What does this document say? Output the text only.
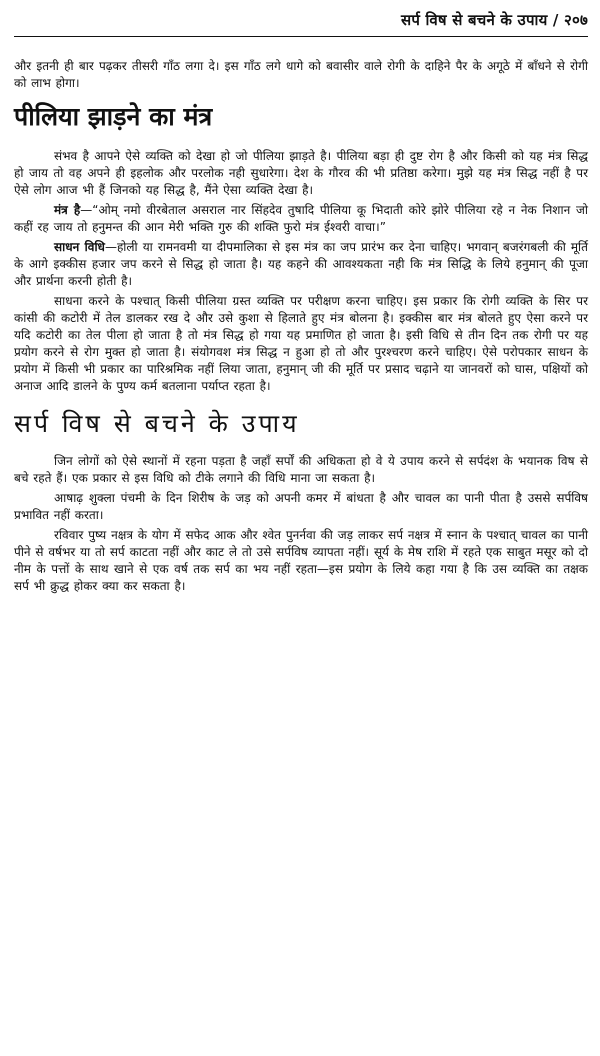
सर्प विष से बचने के उपाय / २०७

और इतनी ही बार पढ़कर तीसरी गाँठ लगा दे। इस गाँठ लगे धागे को बवासीर वाले रोगी के दाहिने पैर के अगूठे में बाँधने से रोगी को लाभ होगा।

पीलिया झाड़ने का मंत्र

संभव है आपने ऐसे व्यक्ति को देखा हो जो पीलिया झाड़ते है। पीलिया बड़ा ही दुष्ट रोग है और किसी को यह मंत्र सिद्ध हो जाय तो वह अपने ही इहलोक और परलोक नही सुधारेगा। देश के गौरव की भी प्रतिष्ठा करेगा। मुझे यह मंत्र सिद्ध नहीं है पर ऐसे लोग आज भी हैं जिनको यह सिद्ध है, मैंने ऐसा व्यक्ति देखा है।

मंत्र है—“ओम् नमो वीरबेताल असराल नार सिंहदेव तुषादि पीलिया कू भिदाती कोरे झोरे पीलिया रहे न नेक निशान जो कहीं रह जाय तो हनुमन्त की आन मेरी भक्ति गुरु की शक्ति फुरो मंत्र ईश्वरी वाचा।”

साधन विधि—होली या रामनवमी या दीपमालिका से इस मंत्र का जप प्रारंभ कर देना चाहिए। भगवान् बजरंगबली की मूर्ति के आगे इक्कीस हजार जप करने से सिद्ध हो जाता है। यह कहने की आवश्यकता नही कि मंत्र सिद्धि के लिये हनुमान् की पूजा और प्रार्थना करनी होती है।

साधना करने के पश्चात् किसी पीलिया ग्रस्त व्यक्ति पर परीक्षण करना चाहिए। इस प्रकार कि रोगी व्यक्ति के सिर पर कांसी की कटोरी में तेल डालकर रख दे और उसे कुशा से हिलाते हुए मंत्र बोलना है। इक्कीस बार मंत्र बोलते हुए ऐसा करने पर यदि कटोरी का तेल पीला हो जाता है तो मंत्र सिद्ध हो गया यह प्रमाणित हो जाता है। इसी विधि से तीन दिन तक रोगी पर यह प्रयोग करने से रोग मुक्त हो जाता है। संयोगवश मंत्र सिद्ध न हुआ हो तो और पुरश्चरण करने चाहिए। ऐसे परोपकार साधन के प्रयोग में किसी भी प्रकार का पारिश्रमिक नहीं लिया जाता, हनुमान् जी की मूर्ति पर प्रसाद चढ़ाने या जानवरों को घास, पक्षियों को अनाज आदि डालने के पुण्य कर्म बतलाना पर्याप्त रहता है।

सर्प विष से बचने के उपाय

जिन लोगों को ऐसे स्थानों में रहना पड़ता है जहाँ सर्पों की अधिकता हो वे ये उपाय करने से सर्पदंश के भयानक विष से बचे रहते हैं। एक प्रकार से इस विधि को टीके लगाने की विधि माना जा सकता है।

आषाढ़ शुक्ला पंचमी के दिन शिरीष के जड़ को अपनी कमर में बांधता है और चावल का पानी पीता है उससे सर्पविष प्रभावित नहीं करता।

रविवार पुष्य नक्षत्र के योग में सफेद आक और श्वेत पुनर्नवा की जड़ लाकर सर्प नक्षत्र में स्नान के पश्चात् चावल का पानी पीने से वर्षभर या तो सर्प काटता नहीं और काट ले तो उसे सर्पविष व्यापता नहीं। सूर्य के मेष राशि में रहते एक साबुत मसूर को दो नीम के पत्तों के साथ खाने से एक वर्ष तक सर्प का भय नहीं रहता—इस प्रयोग के लिये कहा गया है कि उस व्यक्ति का तक्षक सर्प भी क्रुद्ध होकर क्या कर सकता है।
